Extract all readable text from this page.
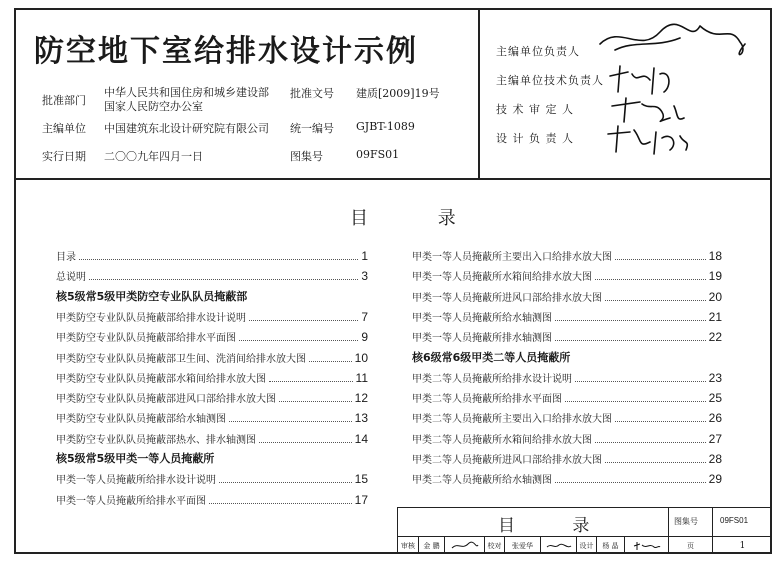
防空地下室给排水设计示例
批准部门
中华人民共和国住房和城乡建设部
国家人民防空办公室
批准文号 建质[2009]19号
主编单位 中国建筑东北设计研究院有限公司 统一编号 GJBT-1089
实行日期 二〇〇九年四月一日	图集号	09FS01
主编单位负责人
主编单位技术负责人
技 术 审 定 人
设 计 负 责 人
目 录
目录	1
总说明	3
核5级常5级甲类防空专业队队员掩蔽部
甲类防空专业队队员掩蔽部给排水设计说明	7
甲类防空专业队队员掩蔽部给排水平面图	9
甲类防空专业队队员掩蔽部卫生间、洗消间给排水放大图	10
甲类防空专业队队员掩蔽部水箱间给排水放大图	11
甲类防空专业队队员掩蔽部进风口部给排水放大图	12
甲类防空专业队队员掩蔽部给水轴测图	13
甲类防空专业队队员掩蔽部热水、排水轴测图	14
核5级常5级甲类一等人员掩蔽所
甲类一等人员掩蔽所给排水设计说明	15
甲类一等人员掩蔽所给排水平面图	17
甲类一等人员掩蔽所主要出入口给排水放大图	18
甲类一等人员掩蔽所水箱间给排水放大图	19
甲类一等人员掩蔽所进风口部给排水放大图	20
甲类一等人员掩蔽所给水轴测图	21
甲类一等人员掩蔽所排水轴测图	22
核6级常6级甲类二等人员掩蔽所
甲类二等人员掩蔽所给排水设计说明	23
甲类二等人员掩蔽所给排水平面图	25
甲类二等人员掩蔽所主要出入口给排水放大图	26
甲类二等人员掩蔽所水箱间给排水放大图	27
甲类二等人员掩蔽所进风口部给排水放大图	28
甲类二等人员掩蔽所给水轴测图	29
目 录	图集号	09FS01
审核	金 鹏	校对	张爱华	设计	杨 晶	页	1
